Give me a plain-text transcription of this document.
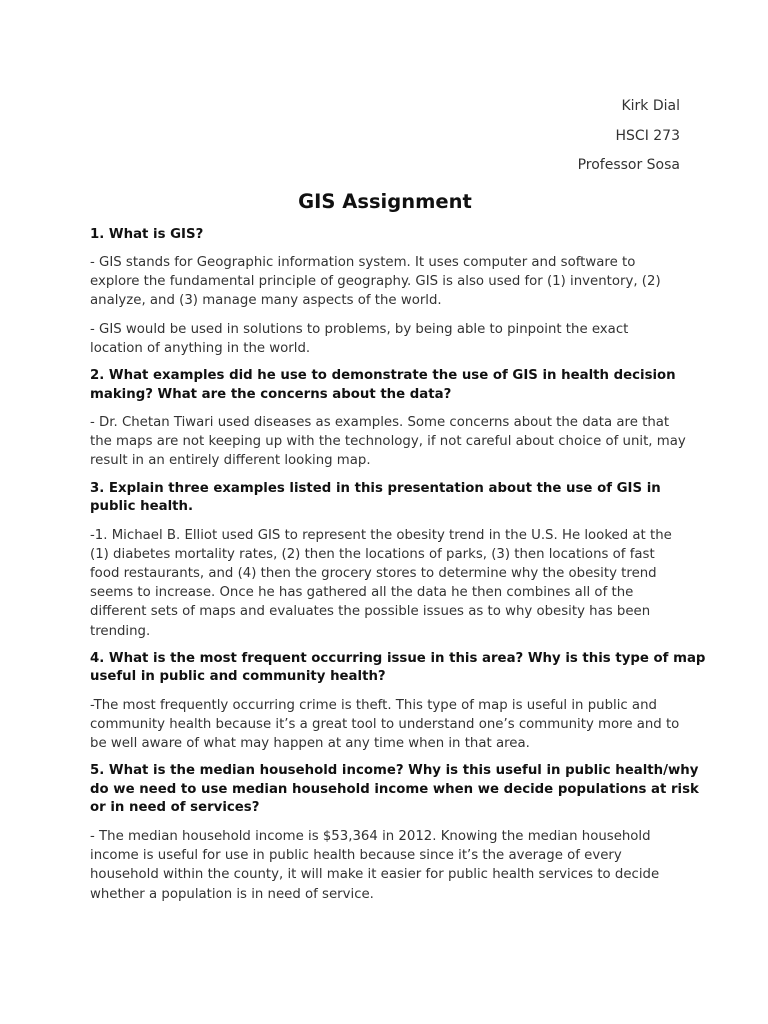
Kirk Dial
HSCI 273
Professor Sosa
GIS Assignment
1. What is GIS?
- GIS stands for Geographic information system. It uses computer and software to
explore the fundamental principle of geography. GIS is also used for (1) inventory, (2)
analyze, and (3) manage many aspects of the world.
- GIS would be used in solutions to problems, by being able to pinpoint the exact
location of anything in the world.
2. What examples did he use to demonstrate the use of GIS in health decision
making? What are the concerns about the data?
- Dr. Chetan Tiwari used diseases as examples. Some concerns about the data are that
the maps are not keeping up with the technology, if not careful about choice of unit, may
result in an entirely different looking map.
3. Explain three examples listed in this presentation about the use of GIS in
public health.
-1. Michael B. Elliot used GIS to represent the obesity trend in the U.S. He looked at the
(1) diabetes mortality rates, (2) then the locations of parks, (3) then locations of fast
food restaurants, and (4) then the grocery stores to determine why the obesity trend
seems to increase. Once he has gathered all the data he then combines all of the
different sets of maps and evaluates the possible issues as to why obesity has been
trending.
4. What is the most frequent occurring issue in this area? Why is this type of map
useful in public and community health?
-The most frequently occurring crime is theft. This type of map is useful in public and
community health because it’s a great tool to understand one’s community more and to
be well aware of what may happen at any time when in that area.
5. What is the median household income? Why is this useful in public health/why
do we need to use median household income when we decide populations at risk
or in need of services?
- The median household income is $53,364 in 2012. Knowing the median household
income is useful for use in public health because since it’s the average of every
household within the county, it will make it easier for public health services to decide
whether a population is in need of service.
